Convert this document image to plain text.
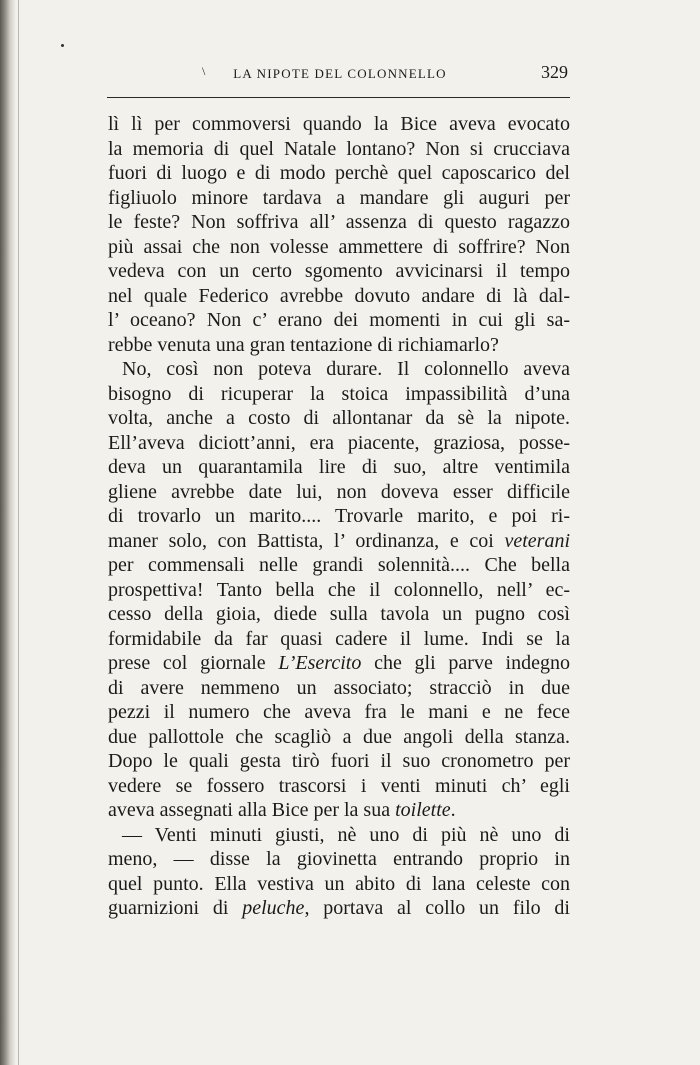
\	LA NIPOTE DEL COLONNELLO	329
lì lì per commoversi quando la Bice aveva evocato
la memoria di quel Natale lontano? Non si crucciava
fuori di luogo e di modo perchè quel caposcarico del
figliuolo minore tardava a mandare gli auguri per
le feste? Non soffriva all’ assenza di questo ragazzo
più assai che non volesse ammettere di soffrire? Non
vedeva con un certo sgomento avvicinarsi il tempo
nel quale Federico avrebbe dovuto andare di là dal-
l’ oceano? Non c’ erano dei momenti in cui gli sa-
rebbe venuta una gran tentazione di richiamarlo?
No, così non poteva durare. Il colonnello aveva
bisogno di ricuperar la stoica impassibilità d’una
volta, anche a costo di allontanar da sè la nipote.
Ell’aveva diciott’anni, era piacente, graziosa, posse-
deva un quarantamila lire di suo, altre ventimila
gliene avrebbe date lui, non doveva esser difficile
di trovarlo un marito.... Trovarle marito, e poi ri-
maner solo, con Battista, l’ ordinanza, e coi veterani
per commensali nelle grandi solennità.... Che bella
prospettiva! Tanto bella che il colonnello, nell’ ec-
cesso della gioia, diede sulla tavola un pugno così
formidabile da far quasi cadere il lume. Indi se la
prese col giornale L’Esercito che gli parve indegno
di avere nemmeno un associato; stracciò in due
pezzi il numero che aveva fra le mani e ne fece
due pallottole che scagliò a due angoli della stanza.
Dopo le quali gesta tirò fuori il suo cronometro per
vedere se fossero trascorsi i venti minuti ch’ egli
aveva assegnati alla Bice per la sua toilette.
— Venti minuti giusti, nè uno di più nè uno di
meno, — disse la giovinetta entrando proprio in
quel punto. Ella vestiva un abito di lana celeste con
guarnizioni di peluche, portava al collo un filo di
